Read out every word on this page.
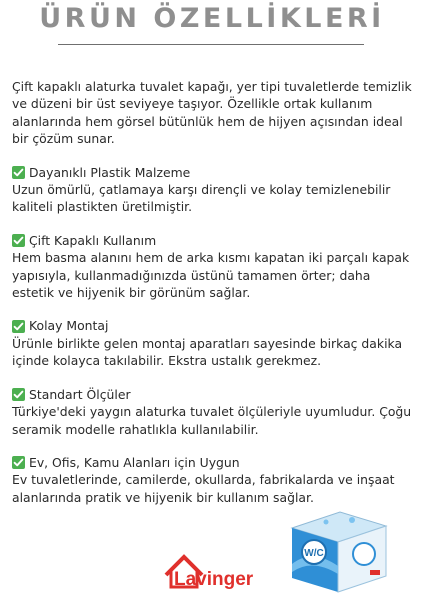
ÜRÜN ÖZELLİKLERİ

Çift kapaklı alaturka tuvalet kapağı, yer tipi tuvaletlerde temizlik ve düzeni bir üst seviyeye taşıyor. Özellikle ortak kullanım alanlarında hem görsel bütünlük hem de hijyen açısından ideal bir çözüm sunar.

Dayanıklı Plastik Malzeme
Uzun ömürlü, çatlamaya karşı dirençli ve kolay temizlenebilir kaliteli plastikten üretilmiştir.
Çift Kapaklı Kullanım
Hem basma alanını hem de arka kısmı kapatan iki parçalı kapak yapısıyla, kullanmadığınızda üstünü tamamen örter; daha estetik ve hijyenik bir görünüm sağlar.
Kolay Montaj
Ürünle birlikte gelen montaj aparatları sayesinde birkaç dakika içinde kolayca takılabilir. Ekstra ustalık gerekmez.
Standart Ölçüler
Türkiye'deki yaygın alaturka tuvalet ölçüleriyle uyumludur. Çoğu seramik modelle rahatlıkla kullanılabilir.
Ev, Ofis, Kamu Alanları için Uygun
Ev tuvaletlerinde, camilerde, okullarda, fabrikalarda ve inşaat alanlarında pratik ve hijyenik bir kullanım sağlar.
Lavinger
W/C
